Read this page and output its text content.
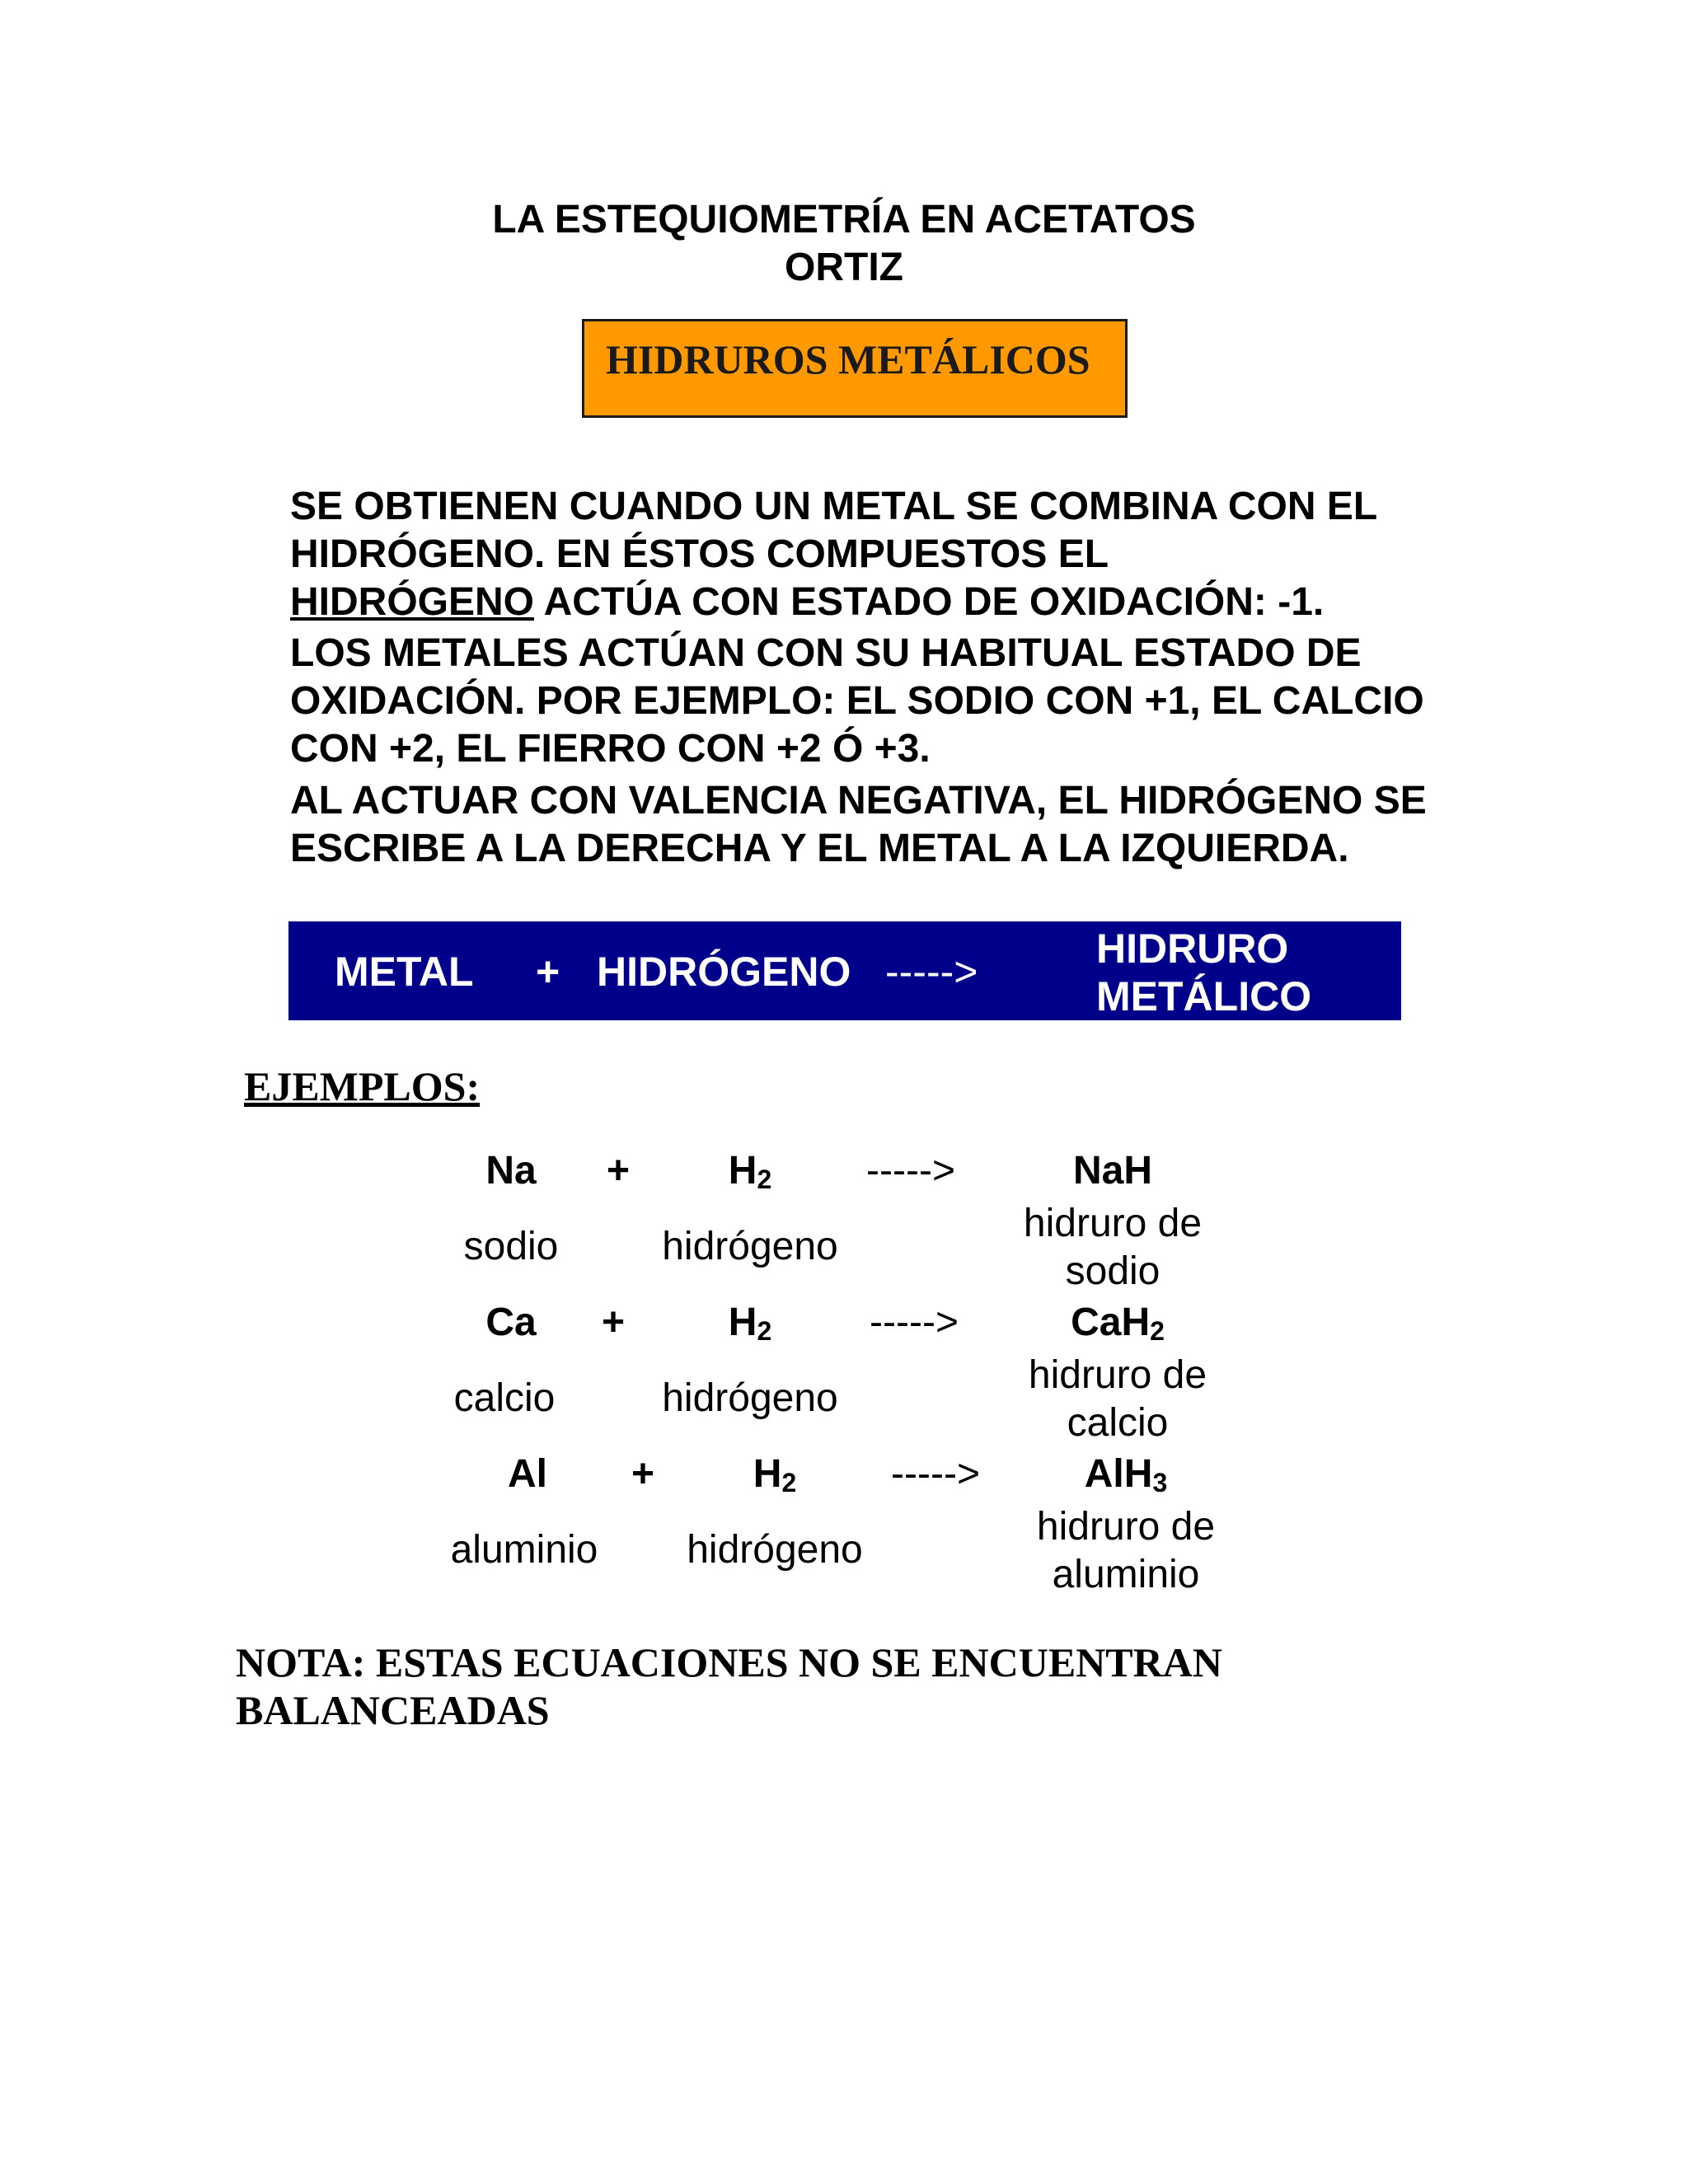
LA ESTEQUIOMETRÍA EN ACETATOS
ORTIZ
HIDRUROS METÁLICOS

SE OBTIENEN CUANDO UN METAL SE COMBINA CON EL HIDRÓGENO. EN ÉSTOS COMPUESTOS EL
HIDRÓGENO ACTÚA CON ESTADO DE OXIDACIÓN: -1.

LOS METALES ACTÚAN CON SU HABITUAL ESTADO DE OXIDACIÓN. POR EJEMPLO: EL SODIO CON +1, EL CALCIO CON +2, EL FIERRO CON +2 Ó +3.

AL ACTUAR CON VALENCIA NEGATIVA, EL HIDRÓGENO SE ESCRIBE A LA DERECHA Y EL METAL A LA IZQUIERDA.

METAL + HIDRÓGENO ----->	HIDRURO
METÁLICO
EJEMPLOS:
Na	+	$H_2$	----->	NaH
sodio	hidrógeno
hidruro de
sodio
Ca	+	$H_2$	----->	CaH$_2$
calcio	hidrógeno
hidruro de
calcio
Al	+	$H_2$	----->	AlH$_3$
aluminio	hidrógeno
hidruro de
aluminio

NOTA: ESTAS ECUACIONES NO SE ENCUENTRAN BALANCEADAS
